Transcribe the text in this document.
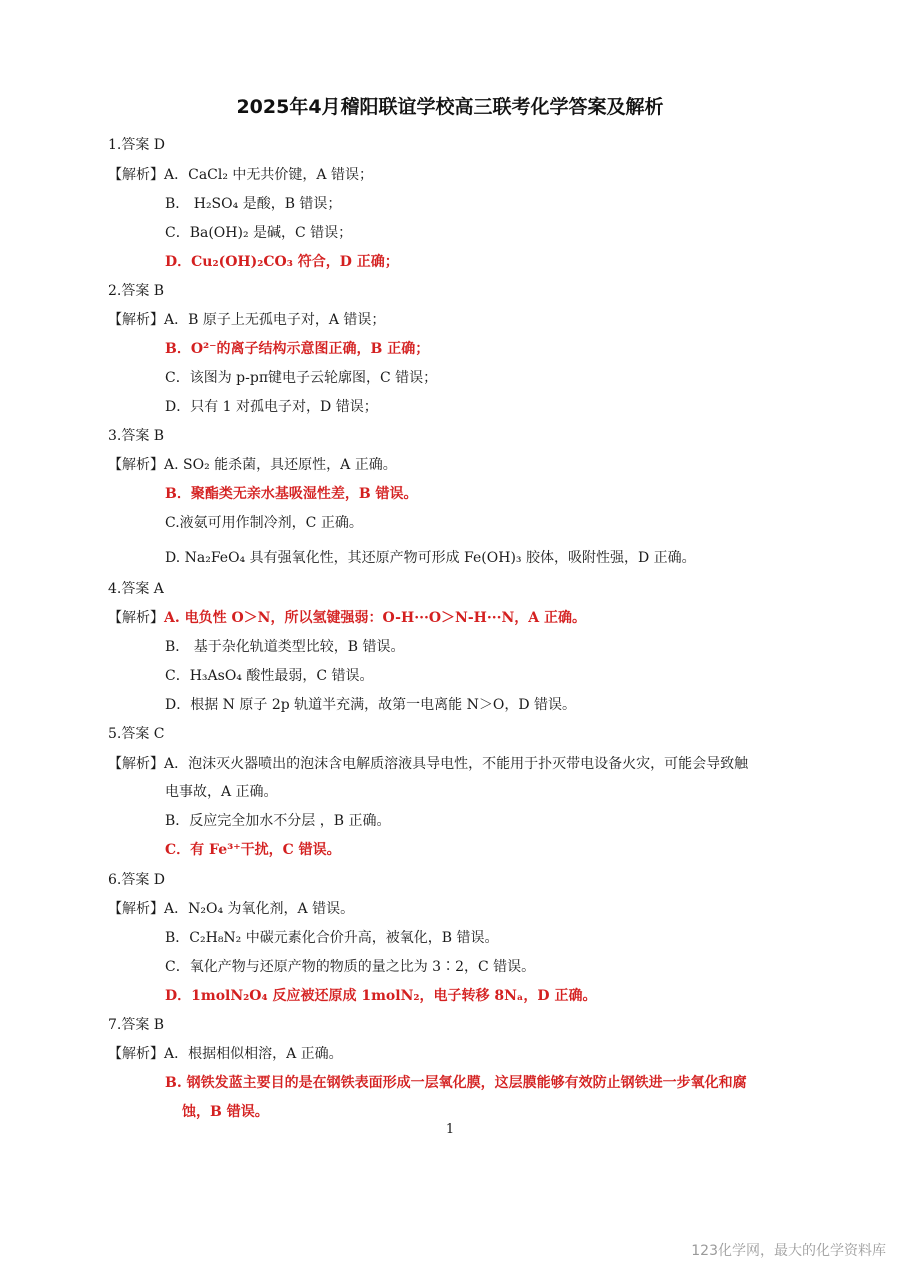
2025年4月稽阳联谊学校高三联考化学答案及解析
1.答案 D
【解析】A．CaCl₂ 中无共价键，A 错误；
B． H₂SO₄ 是酸，B 错误；
C．Ba(OH)₂ 是碱，C 错误；
D．Cu₂(OH)₂CO₃ 符合，D 正确；
2.答案 B
【解析】A．B 原子上无孤电子对，A 错误；
B．O²⁻的离子结构示意图正确，B 正确；
C．该图为 p-pπ键电子云轮廓图，C 错误；
D．只有 1 对孤电子对，D 错误；
3.答案 B
【解析】A. SO₂ 能杀菌，具还原性，A 正确。
B．聚酯类无亲水基吸湿性差，B 错误。
C.液氨可用作制冷剂，C 正确。
D. Na₂FeO₄ 具有强氧化性，其还原产物可形成 Fe(OH)₃ 胶体，吸附性强，D 正确。
4.答案 A
【解析】A. 电负性 O＞N，所以氢键强弱：O-H···O＞N-H···N，A 正确。
B． 基于杂化轨道类型比较，B 错误。
C．H₃AsO₄ 酸性最弱，C 错误。
D．根据 N 原子 2p 轨道半充满，故第一电离能 N＞O，D 错误。
5.答案 C
【解析】A．泡沫灭火器喷出的泡沫含电解质溶液具导电性，不能用于扑灭带电设备火灾，可能会导致触
电事故，A 正确。
B．反应完全加水不分层 ，B 正确。
C．有 Fe³⁺干扰，C 错误。
6.答案 D
【解析】A．N₂O₄ 为氧化剂，A 错误。
B．C₂H₈N₂ 中碳元素化合价升高，被氧化，B 错误。
C．氧化产物与还原产物的物质的量之比为 3∶2，C 错误。
D．1molN₂O₄ 反应被还原成 1molN₂，电子转移 8Nₐ，D 正确。
7.答案 B
【解析】A．根据相似相溶，A 正确。
B. 钢铁发蓝主要目的是在钢铁表面形成一层氧化膜，这层膜能够有效防止钢铁进一步氧化和腐
蚀，B 错误。
1
123化学网，最大的化学资料库
